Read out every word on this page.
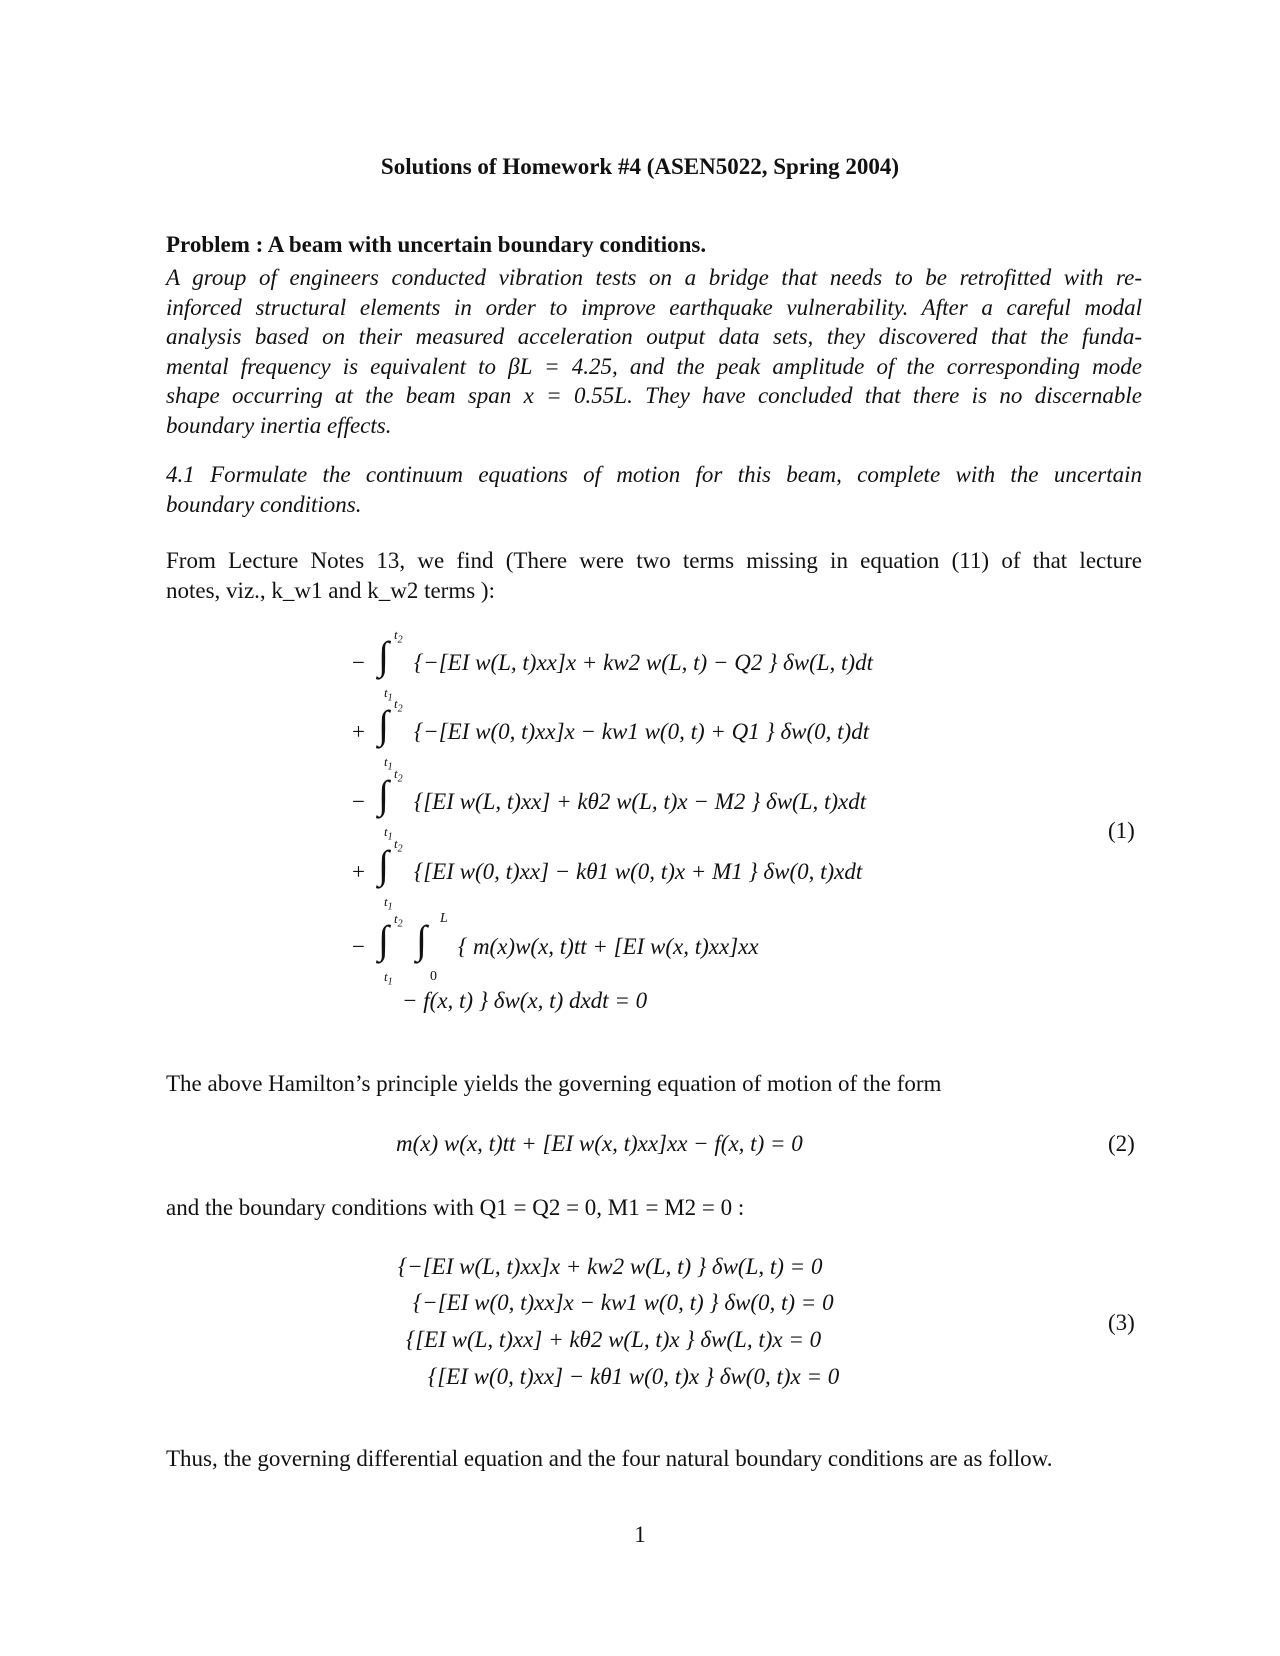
Solutions of Homework #4 (ASEN5022, Spring 2004)
Problem : A beam with uncertain boundary conditions.
A group of engineers conducted vibration tests on a bridge that needs to be retrofitted with re-
inforced structural elements in order to improve earthquake vulnerability. After a careful modal
analysis based on their measured acceleration output data sets, they discovered that the funda-
mental frequency is equivalent to βL = 4.25, and the peak amplitude of the corresponding mode
shape occurring at the beam span x = 0.55L. They have concluded that there is no discernable
boundary inertia effects.
4.1 Formulate the continuum equations of motion for this beam, complete with the uncertain
boundary conditions.
From Lecture Notes 13, we find (There were two terms missing in equation (11) of that lecture
notes, viz., k_w1 and k_w2 terms ):
− ∫ $t_2$
$t_1$
{−[EI w(L, t)xx]x + kw2 w(L, t) − Q2 } δw(L, t)dt
+ ∫ $t_2$
$t_1$
{−[EI w(0, t)xx]x − kw1 w(0, t) + Q1 } δw(0, t)dt
− ∫ $t_2$
$t_1$
{[EI w(L, t)xx] + kθ2 w(L, t)x − M2 } δw(L, t)xdt
+ ∫ $t_2$
$t_1$
{[EI w(0, t)xx] − kθ1 w(0, t)x + M1 } δw(0, t)xdt
− ∫ $t_2$
$t_1$
∫ L
0
{ m(x)w(x, t)tt + [EI w(x, t)xx]xx
− f(x, t) } δw(x, t) dxdt = 0
(1)
The above Hamilton’s principle yields the governing equation of motion of the form
m(x) w(x, t)tt + [EI w(x, t)xx]xx − f(x, t) = 0	(2)
and the boundary conditions with Q1 = Q2 = 0, M1 = M2 = 0 :
{−[EI w(L, t)xx]x + kw2 w(L, t) } δw(L, t) = 0
{−[EI w(0, t)xx]x − kw1 w(0, t) } δw(0, t) = 0
{[EI w(L, t)xx] + kθ2 w(L, t)x } δw(L, t)x = 0
{[EI w(0, t)xx] − kθ1 w(0, t)x } δw(0, t)x = 0
(3)
Thus, the governing differential equation and the four natural boundary conditions are as follow.
1
